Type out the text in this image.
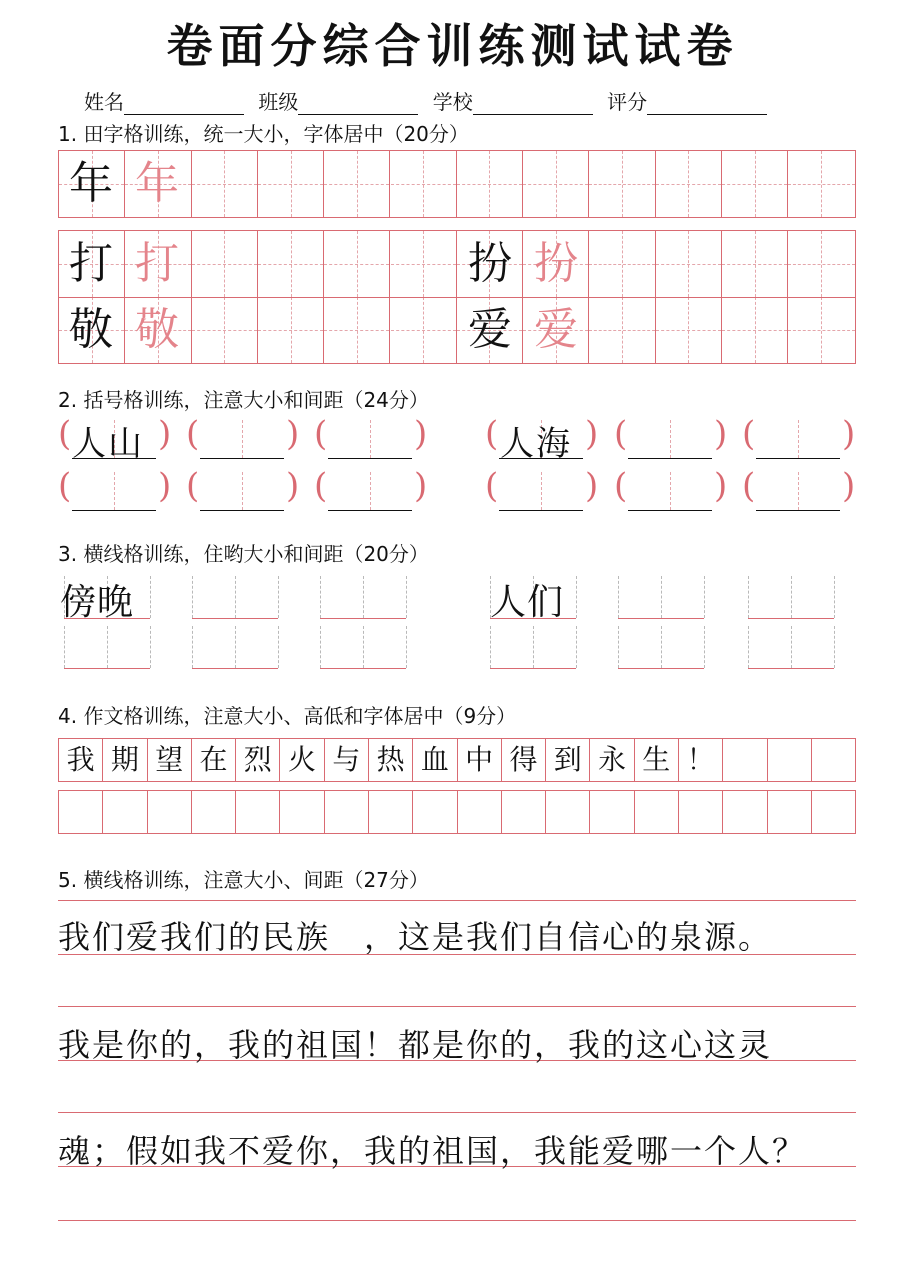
卷面分综合训练测试试卷
姓名	班级	学校	评分
1. 田字格训练，统一大小，字体居中（20分）
年 年
打 打	扮 扮
敬 敬	爱 爱
2. 括号格训练，注意大小和间距（24分）
(	) (	) (	) (	) (	) (	)
(	) (	) (	) (	) (	) (	)
人山	人海
3. 横线格训练，住哟大小和间距（20分）
傍晚	人们
4. 作文格训练，注意大小、高低和字体居中（9分）
我 期 望 在 烈 火 与 热 血 中 得 到 永 生 ！
5. 横线格训练，注意大小、间距（27分）
我们爱我们的民族　，这是我们自信心的泉源。
我是你的，我的祖国！都是你的，我的这心这灵
魂；假如我不爱你，我的祖国，我能爱哪一个人？
